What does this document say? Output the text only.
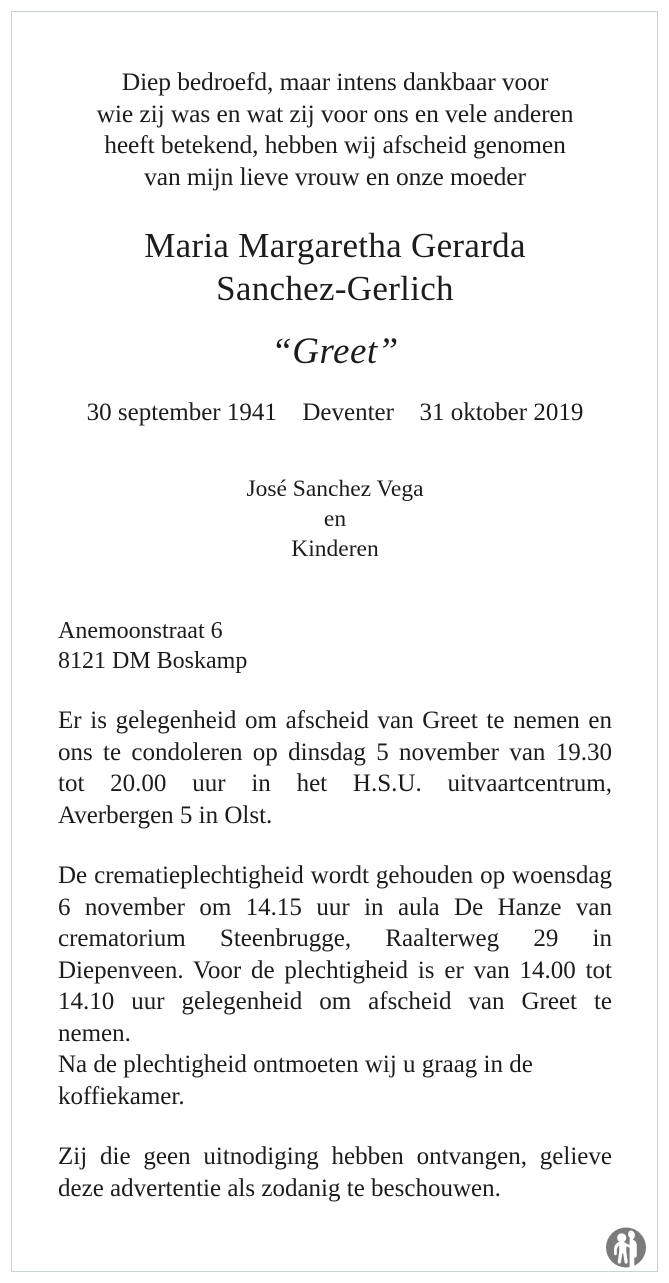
Diep bedroefd, maar intens dankbaar voor
wie zij was en wat zij voor ons en vele anderen
heeft betekend, hebben wij afscheid genomen
van mijn lieve vrouw en onze moeder
Maria Margaretha Gerarda
Sanchez-Gerlich
“Greet”
30 september 1941 Deventer 31 oktober 2019
José Sanchez Vega
en
Kinderen
Anemoonstraat 6
8121 DM Boskamp
Er is gelegenheid om afscheid van Greet te nemen en ons te condoleren op dinsdag 5 november van 19.30 tot 20.00 uur in het H.S.U. uitvaartcentrum, Averbergen 5 in Olst.
De crematieplechtigheid wordt gehouden op woensdag 6 november om 14.15 uur in aula De Hanze van crematorium Steenbrugge, Raalterweg 29 in Diepenveen. Voor de plechtigheid is er van 14.00 tot 14.10 uur gelegenheid om afscheid van Greet te nemen.
Na de plechtigheid ontmoeten wij u graag in de koffiekamer.
Zij die geen uitnodiging hebben ontvangen, gelieve deze advertentie als zodanig te beschouwen.
